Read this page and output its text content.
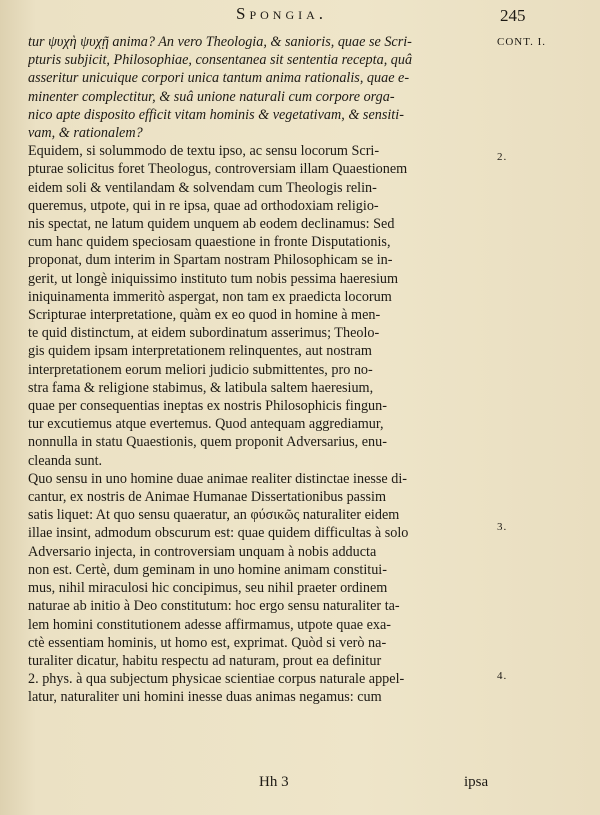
Spongia.	245
CONT. I.
2.
3.
4.

tur ψυχὴ ψυχῇ anima? An vero Theologia, & sanioris, quae se Scri-
pturis subjicit, Philosophiae, consentanea sit sententia recepta, quâ
asseritur unicuique corpori unica tantum anima rationalis, quae e-
minenter complectitur, & suâ unione naturali cum corpore orga-
nico apte disposito efficit vitam hominis & vegetativam, & sensiti-
vam, & rationalem?

Equidem, si solummodo de textu ipso, ac sensu locorum Scri-
pturae solicitus foret Theologus, controversiam illam Quaestionem
eidem soli & ventilandam & solvendam cum Theologis relin-
queremus, utpote, qui in re ipsa, quae ad orthodoxiam religio-
nis spectat, ne latum quidem unquem ab eodem declinamus: Sed
cum hanc quidem speciosam quaestione in fronte Disputationis,
proponat, dum interim in Spartam nostram Philosophicam se in-
gerit, ut longè iniquissimo instituto tum nobis pessima haeresium
iniquinamenta immeritò aspergat, non tam ex praedicta locorum
Scripturae interpretatione, quàm ex eo quod in homine à men-
te quid distinctum, at eidem subordinatum asserimus; Theolo-
gis quidem ipsam interpretationem relinquentes, aut nostram
interpretationem eorum meliori judicio submittentes, pro no-
stra fama & religione stabimus, & latibula saltem haeresium,
quae per consequentias ineptas ex nostris Philosophicis fingun-
tur excutiemus atque evertemus. Quod antequam aggrediamur,
nonnulla in statu Quaestionis, quem proponit Adversarius, enu-
cleanda sunt.

Quo sensu in uno homine duae animae realiter distinctae inesse di-
cantur, ex nostris de Animae Humanae Dissertationibus passim
satis liquet: At quo sensu quaeratur, an φύσικῶς naturaliter eidem
illae insint, admodum obscurum est: quae quidem difficultas à solo
Adversario injecta, in controversiam unquam à nobis adducta
non est. Certè, dum geminam in uno homine animam constitui-
mus, nihil miraculosi hic concipimus, seu nihil praeter ordinem
naturae ab initio à Deo constitutum: hoc ergo sensu naturaliter ta-
lem homini constitutionem adesse affirmamus, utpote quae exa-
ctè essentiam hominis, ut homo est, exprimat. Quòd si verò na-
turaliter dicatur, habitu respectu ad naturam, prout ea definitur
2. phys. à qua subjectum physicae scientiae corpus naturale appel-
latur, naturaliter uni homini inesse duas animas negamus: cum

Hh 3	ipsa
